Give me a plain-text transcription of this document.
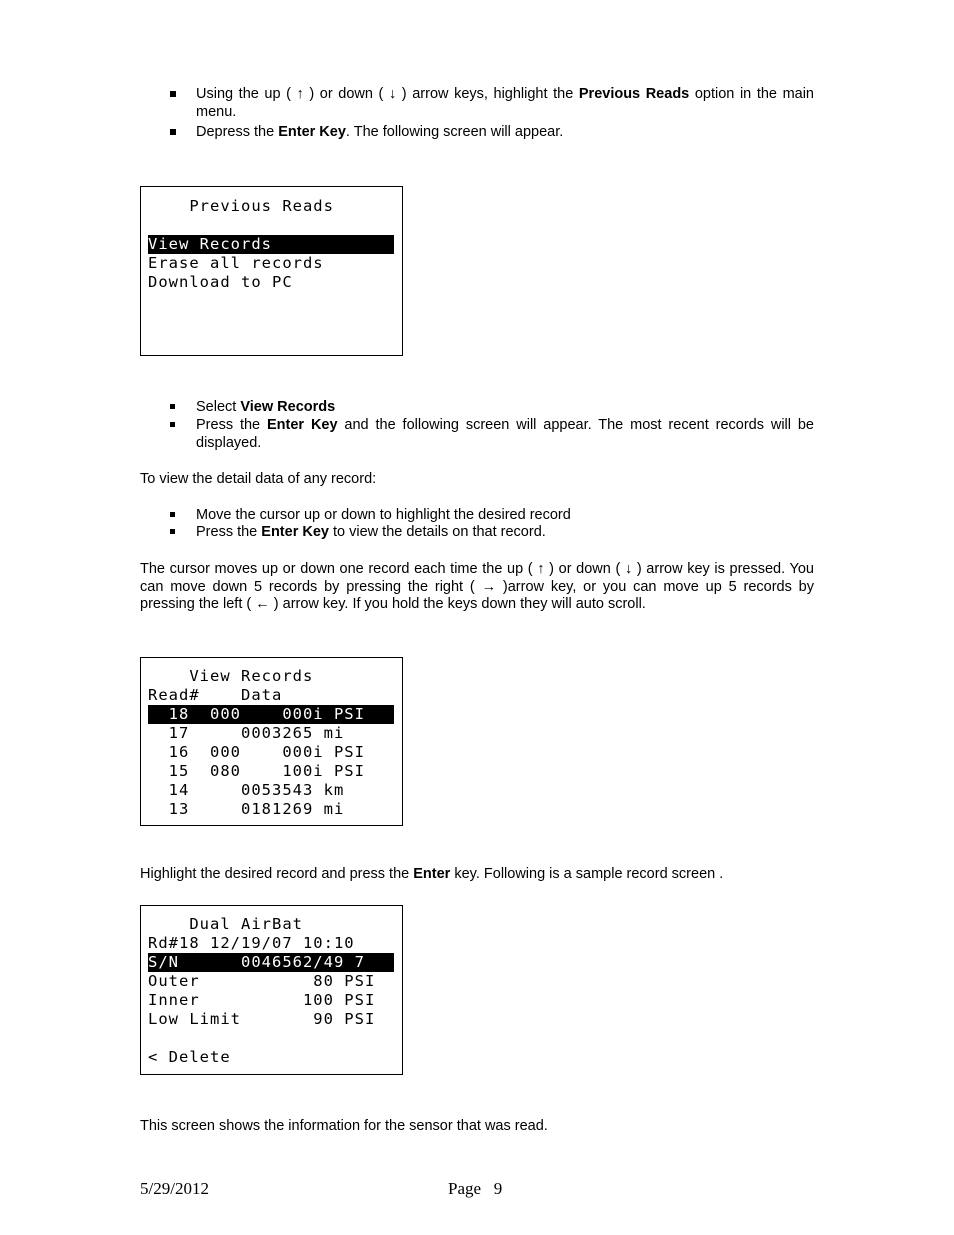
Using the up ( ↑ ) or down ( ↓ ) arrow keys, highlight the Previous Reads option in the main menu.
Depress the Enter Key. The following screen will appear.
Previous Reads
View Records
Erase all records
Download to PC
Select View Records
Press the Enter Key and the following screen will appear. The most recent records will be displayed.
To view the detail data of any record:
Move the cursor up or down to highlight the desired record
Press the Enter Key to view the details on that record.
The cursor moves up or down one record each time the up ( ↑ ) or down ( ↓ ) arrow key is pressed. You can move down 5 records by pressing the right ( → )arrow key, or you can move up 5 records by pressing the left ( ← ) arrow key. If you hold the keys down they will auto scroll.
View Records
Read#    Data
18  000    000i PSI
17     0003265 mi
16  000    000i PSI
15  080    100i PSI
14     0053543 km
13     0181269 mi
Highlight the desired record and press the Enter key. Following is a sample record screen .
Dual AirBat
Rd#18 12/19/07 10:10
S/N      0046562/49 7
Outer           80 PSI
Inner          100 PSI
Low Limit       90 PSI
< Delete
This screen shows the information for the sensor that was read.
5/29/2012	Page   9
